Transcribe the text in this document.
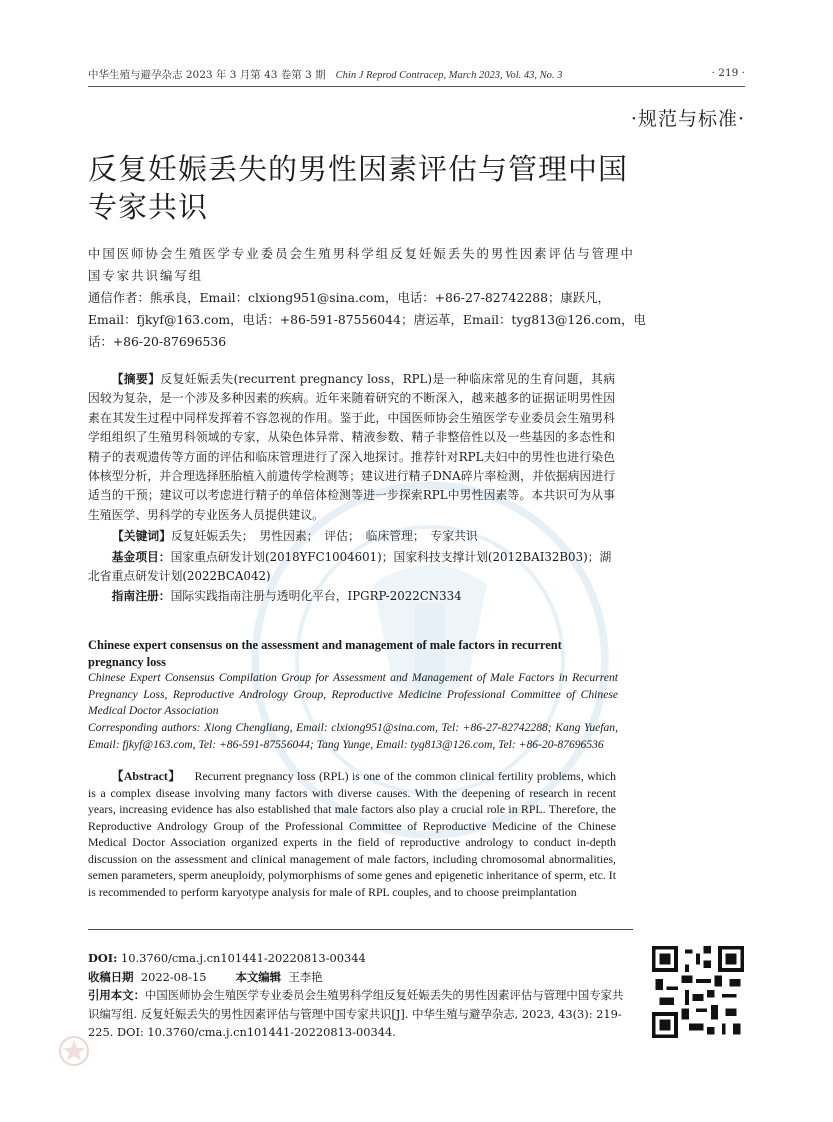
中华生殖与避孕杂志 2023 年 3 月第 43 卷第 3 期 Chin J Reprod Contracep, March 2023, Vol. 43, No. 3	· 219 ·
·规范与标准·
反复妊娠丢失的男性因素评估与管理中国专家共识
中国医师协会生殖医学专业委员会生殖男科学组反复妊娠丢失的男性因素评估与管理中国专家共识编写组
通信作者：熊承良，Email：clxiong951@sina.com，电话：+86-27-82742288；康跃凡，Email：fjkyf@163.com，电话：+86-591-87556044；唐运革，Email：tyg813@126.com，电话：+86-20-87696536

【摘要】反复妊娠丢失(recurrent pregnancy loss，RPL)是一种临床常见的生育问题，其病因较为复杂，是一个涉及多种因素的疾病。近年来随着研究的不断深入，越来越多的证据证明男性因素在其发生过程中同样发挥着不容忽视的作用。鉴于此，中国医师协会生殖医学专业委员会生殖男科学组组织了生殖男科领域的专家，从染色体异常、精液参数、精子非整倍性以及一些基因的多态性和精子的表观遗传等方面的评估和临床管理进行了深入地探讨。推荐针对RPL夫妇中的男性也进行染色体核型分析，并合理选择胚胎植入前遗传学检测等；建议进行精子DNA碎片率检测，并依据病因进行适当的干预；建议可以考虑进行精子的单倍体检测等进一步探索RPL中男性因素等。本共识可为从事生殖医学、男科学的专业医务人员提供建议。

【关键词】反复妊娠丢失；　男性因素；　评估；　临床管理；　专家共识

基金项目：国家重点研发计划(2018YFC1004601)；国家科技支撑计划(2012BAI32B03)；湖北省重点研发计划(2022BCA042)

指南注册：国际实践指南注册与透明化平台，IPGRP-2022CN334

Chinese expert consensus on the assessment and management of male factors in recurrent pregnancy loss
Chinese Expert Consensus Compilation Group for Assessment and Management of Male Factors in Recurrent Pregnancy Loss, Reproductive Andrology Group, Reproductive Medicine Professional Committee of Chinese Medical Doctor Association
Corresponding authors: Xiong Chengliang, Email: clxiong951@sina.com, Tel: +86-27-82742288; Kang Yuefan, Email: fjkyf@163.com, Tel: +86-591-87556044; Tang Yunge, Email: tyg813@126.com, Tel: +86-20-87696536

【Abstract】 Recurrent pregnancy loss (RPL) is one of the common clinical fertility problems, which is a complex disease involving many factors with diverse causes. With the deepening of research in recent years, increasing evidence has also established that male factors also play a crucial role in RPL. Therefore, the Reproductive Andrology Group of the Professional Committee of Reproductive Medicine of the Chinese Medical Doctor Association organized experts in the field of reproductive andrology to conduct in-depth discussion on the assessment and clinical management of male factors, including chromosomal abnormalities, semen parameters, sperm aneuploidy, polymorphisms of some genes and epigenetic inheritance of sperm, etc. It is recommended to perform karyotype analysis for male of RPL couples, and to choose preimplantation

DOI: 10.3760/cma.j.cn101441-20220813-00344

收稿日期 2022-08-15	本文编辑 王李艳

引用本文：中国医师协会生殖医学专业委员会生殖男科学组反复妊娠丢失的男性因素评估与管理中国专家共识编写组. 反复妊娠丢失的男性因素评估与管理中国专家共识[J]. 中华生殖与避孕杂志, 2023, 43(3): 219-225. DOI: 10.3760/cma.j.cn101441-20220813-00344.
